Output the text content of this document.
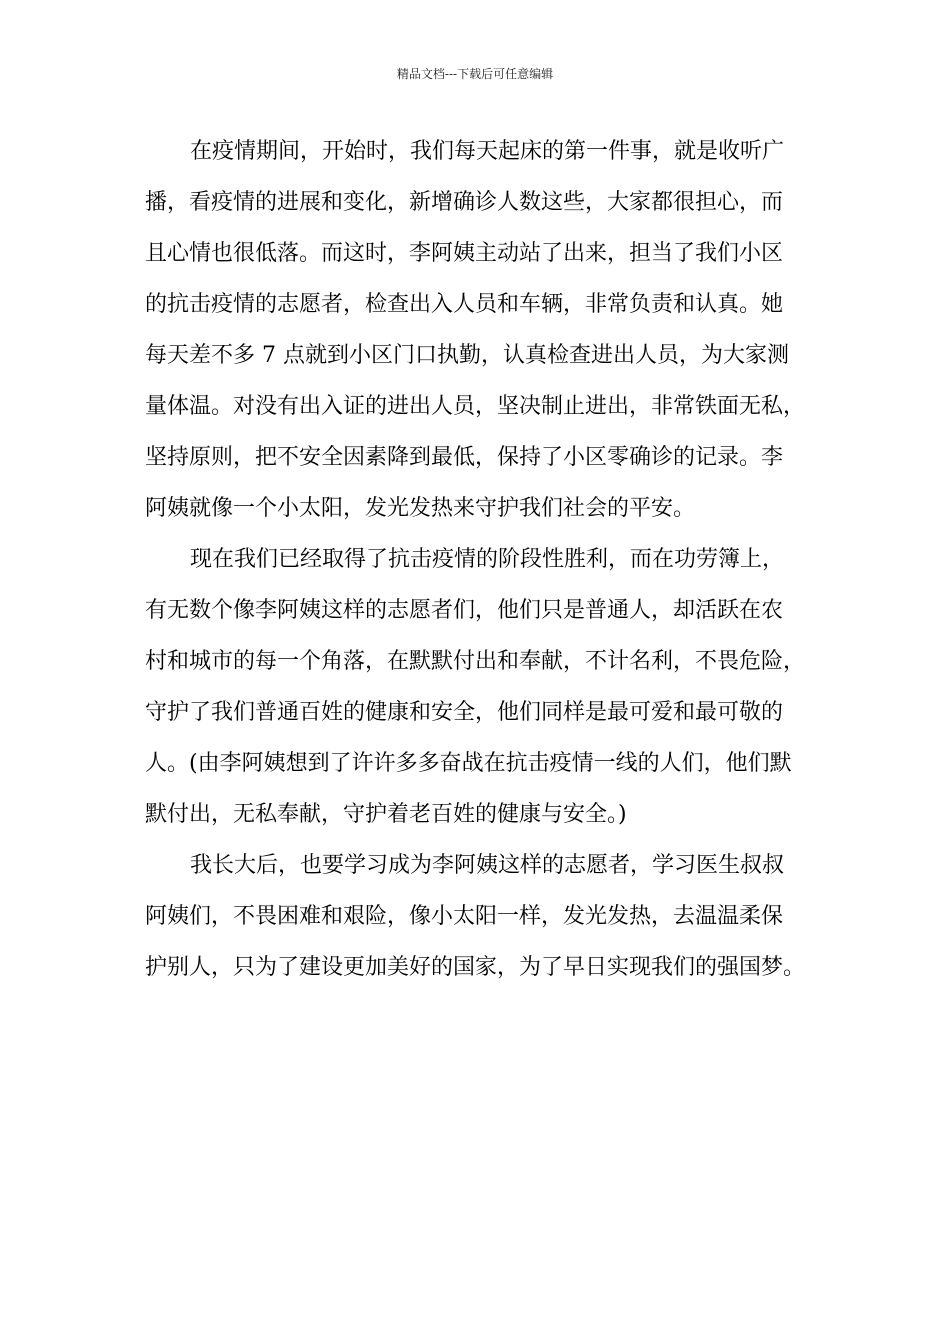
精品文档---下载后可任意编辑
在疫情期间，开始时，我们每天起床的第一件事，就是收听广
播，看疫情的进展和变化，新增确诊人数这些，大家都很担心，而
且心情也很低落。而这时，李阿姨主动站了出来，担当了我们小区
的抗击疫情的志愿者，检查出入人员和车辆，非常负责和认真。她
每天差不多 7 点就到小区门口执勤，认真检查进出人员，为大家测
量体温。对没有出入证的进出人员，坚决制止进出，非常铁面无私，
坚持原则，把不安全因素降到最低，保持了小区零确诊的记录。李
阿姨就像一个小太阳，发光发热来守护我们社会的平安。
现在我们已经取得了抗击疫情的阶段性胜利，而在功劳簿上，
有无数个像李阿姨这样的志愿者们，他们只是普通人，却活跃在农
村和城市的每一个角落，在默默付出和奉献，不计名利，不畏危险，
守护了我们普通百姓的健康和安全，他们同样是最可爱和最可敬的
人。(由李阿姨想到了许许多多奋战在抗击疫情一线的人们，他们默
默付出，无私奉献，守护着老百姓的健康与安全。)
我长大后，也要学习成为李阿姨这样的志愿者，学习医生叔叔
阿姨们，不畏困难和艰险，像小太阳一样，发光发热，去温温柔保
护别人，只为了建设更加美好的国家，为了早日实现我们的强国梦。
